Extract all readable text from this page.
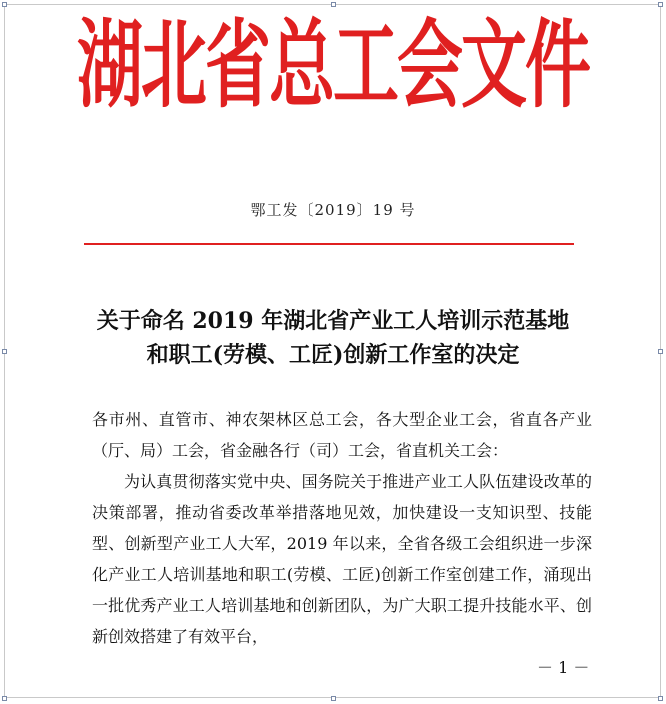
湖北省总工会文件
鄂工发〔2019〕19 号
关于命名 2019 年湖北省产业工人培训示范基地
和职工(劳模、工匠)创新工作室的决定

各市州、直管市、神农架林区总工会，各大型企业工会，省直各产业（厅、局）工会，省金融各行（司）工会，省直机关工会：

为认真贯彻落实党中央、国务院关于推进产业工人队伍建设改革的决策部署，推动省委改革举措落地见效，加快建设一支知识型、技能型、创新型产业工人大军，2019 年以来，全省各级工会组织进一步深化产业工人培训基地和职工(劳模、工匠)创新工作室创建工作，涌现出一批优秀产业工人培训基地和创新团队，为广大职工提升技能水平、创新创效搭建了有效平台，

－ 1 －
